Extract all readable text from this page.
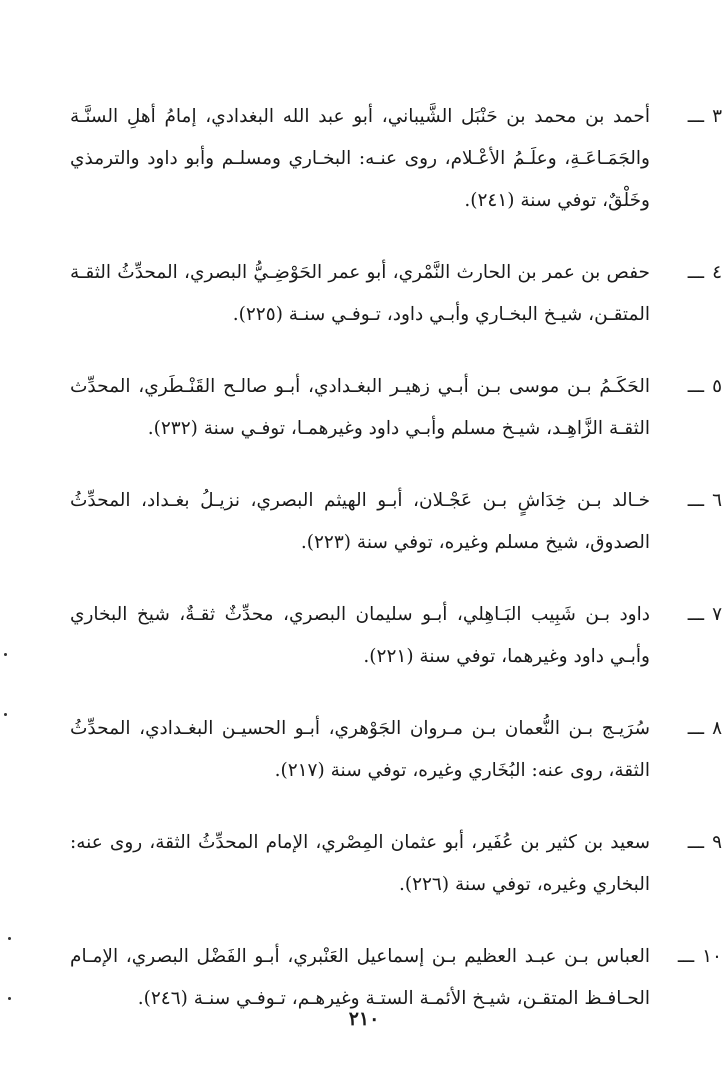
٣ـــ
أحمد بن محمد بن حَنْبَل الشَّيباني، أبو عبد الله البغدادي، إمامُ أهلِ السنَّـة والجَمَـاعَـةِ، وعلَـمُ الأعْـلام، روى عنـه: البخـاري ومسلـم وأبو داود والترمذي وخَلْقٌ، توفي سنة (٢٤١).
٤ـــ
حفص بن عمر بن الحارث النَّمْري، أبو عمر الحَوْضِـيُّ البصري، المحدِّثُ الثقـة المتقـن، شيـخ البخـاري وأبـي داود، تـوفـي سنـة (٢٢٥).
٥ـــ
الحَكَـمُ بـن موسى بـن أبـي زهيـر البغـدادي، أبـو صالـح القَنْـطَري، المحدِّث الثقـة الزَّاهِـد، شيـخ مسلم وأبـي داود وغيرهمـا، توفـي سنة (٢٣٢).
٦ـــ
خـالد بـن خِدَاشٍ بـن عَجْـلان، أبـو الهيثم البصري، نزيـلُ بغـداد، المحدِّثُ الصدوق، شيخ مسلم وغيره، توفي سنة (٢٢٣).
٧ـــ
داود بـن شَبِيب البَـاهِلي، أبـو سليمان البصري، محدِّثٌ ثقـةٌ، شيخ البخاري وأبـي داود وغيرهما، توفي سنة (٢٢١).
٨ـــ
سُرَيـج بـن النُّعمان بـن مـروان الجَوْهري، أبـو الحسيـن البغـدادي، المحدِّثُ الثقة، روى عنه: البُخَاري وغيره، توفي سنة (٢١٧).
٩ـــ
سعيد بن كثير بن عُفَير، أبو عثمان المِصْري، الإمام المحدِّثُ الثقة، روى عنه: البخاري وغيره، توفي سنة (٢٢٦).
١٠ـــ
العباس بـن عبـد العظيم بـن إسماعيل العَنْبري، أبـو الفَضْل البصري، الإمـام الحـافـظ المتقـن، شيـخ الأئمـة الستـة وغيرهـم، تـوفـي سنـة (٢٤٦).
٢١٠
